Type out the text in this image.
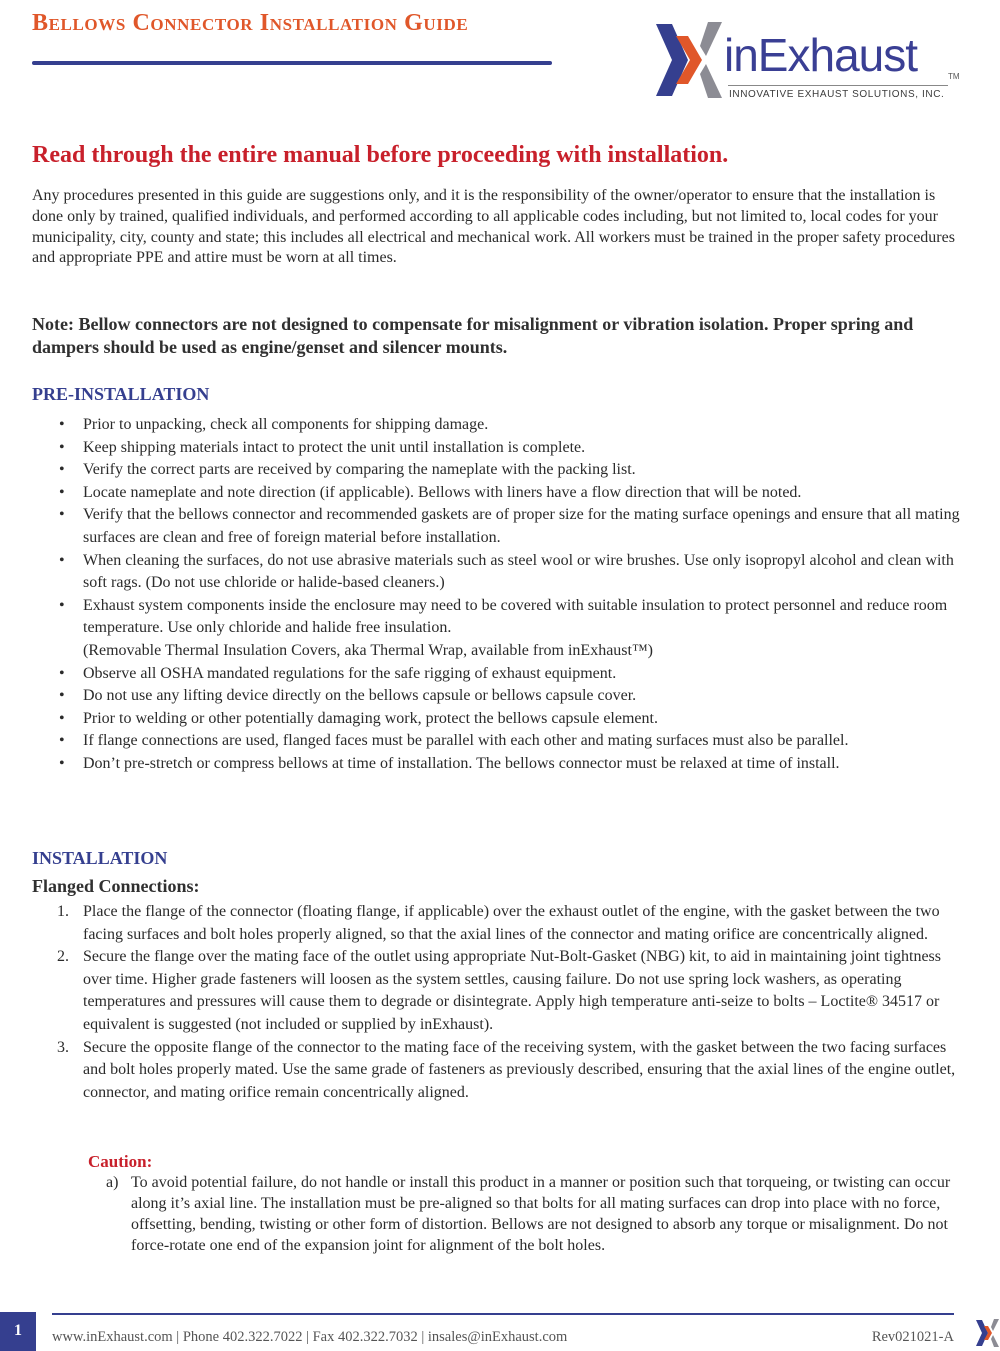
Bellows Connector Installation Guide
inExhaust	TM
INNOVATIVE EXHAUST SOLUTIONS, INC.
Read through the entire manual before proceeding with installation.

Any procedures presented in this guide are suggestions only, and it is the responsibility of the owner/operator to ensure that the installation is done only by trained, qualified individuals, and performed according to all applicable codes including, but not limited to, local codes for your municipality, city, county and state; this includes all electrical and mechanical work. All workers must be trained in the proper safety procedures and appropriate PPE and attire must be worn at all times.

Note: Bellow connectors are not designed to compensate for misalignment or vibration isolation. Proper spring and dampers should be used as engine/genset and silencer mounts.

PRE-INSTALLATION
• Prior to unpacking, check all components for shipping damage.
• Keep shipping materials intact to protect the unit until installation is complete.
• Verify the correct parts are received by comparing the nameplate with the packing list.
• Locate nameplate and note direction (if applicable). Bellows with liners have a flow direction that will be noted.
• Verify that the bellows connector and recommended gaskets are of proper size for the mating surface openings and ensure that all mating surfaces are clean and free of foreign material before installation.
• When cleaning the surfaces, do not use abrasive materials such as steel wool or wire brushes. Use only isopropyl alcohol and clean with soft rags. (Do not use chloride or halide-based cleaners.)
• Exhaust system components inside the enclosure may need to be covered with suitable insulation to protect personnel and reduce room temperature. Use only chloride and halide free insulation.
(Removable Thermal Insulation Covers, aka Thermal Wrap, available from inExhaust™)
• Observe all OSHA mandated regulations for the safe rigging of exhaust equipment.
• Do not use any lifting device directly on the bellows capsule or bellows capsule cover.
• Prior to welding or other potentially damaging work, protect the bellows capsule element.
• If flange connections are used, flanged faces must be parallel with each other and mating surfaces must also be parallel.
• Don’t pre-stretch or compress bellows at time of installation. The bellows connector must be relaxed at time of install.
INSTALLATION
Flanged Connections:
1. Place the flange of the connector (floating flange, if applicable) over the exhaust outlet of the engine, with the gasket between the two facing surfaces and bolt holes properly aligned, so that the axial lines of the connector and mating orifice are concentrically aligned.
2. Secure the flange over the mating face of the outlet using appropriate Nut-Bolt-Gasket (NBG) kit, to aid in maintaining joint tightness over time. Higher grade fasteners will loosen as the system settles, causing failure. Do not use spring lock washers, as operating temperatures and pressures will cause them to degrade or disintegrate. Apply high temperature anti-seize to bolts – Loctite® 34517 or equivalent is suggested (not included or supplied by inExhaust).
3. Secure the opposite flange of the connector to the mating face of the receiving system, with the gasket between the two facing surfaces and bolt holes properly mated. Use the same grade of fasteners as previously described, ensuring that the axial lines of the engine outlet, connector, and mating orifice remain concentrically aligned.

Caution:

a) To avoid potential failure, do not handle or install this product in a manner or position such that torqueing, or twisting can occur along it’s axial line. The installation must be pre-aligned so that bolts for all mating surfaces can drop into place with no force, offsetting, bending, twisting or other form of distortion. Bellows are not designed to absorb any torque or misalignment. Do not force-rotate one end of the expansion joint for alignment of the bolt holes.

1	www.inExhaust.com | Phone 402.322.7022 | Fax 402.322.7032 | insales@inExhaust.com	Rev021021-A
